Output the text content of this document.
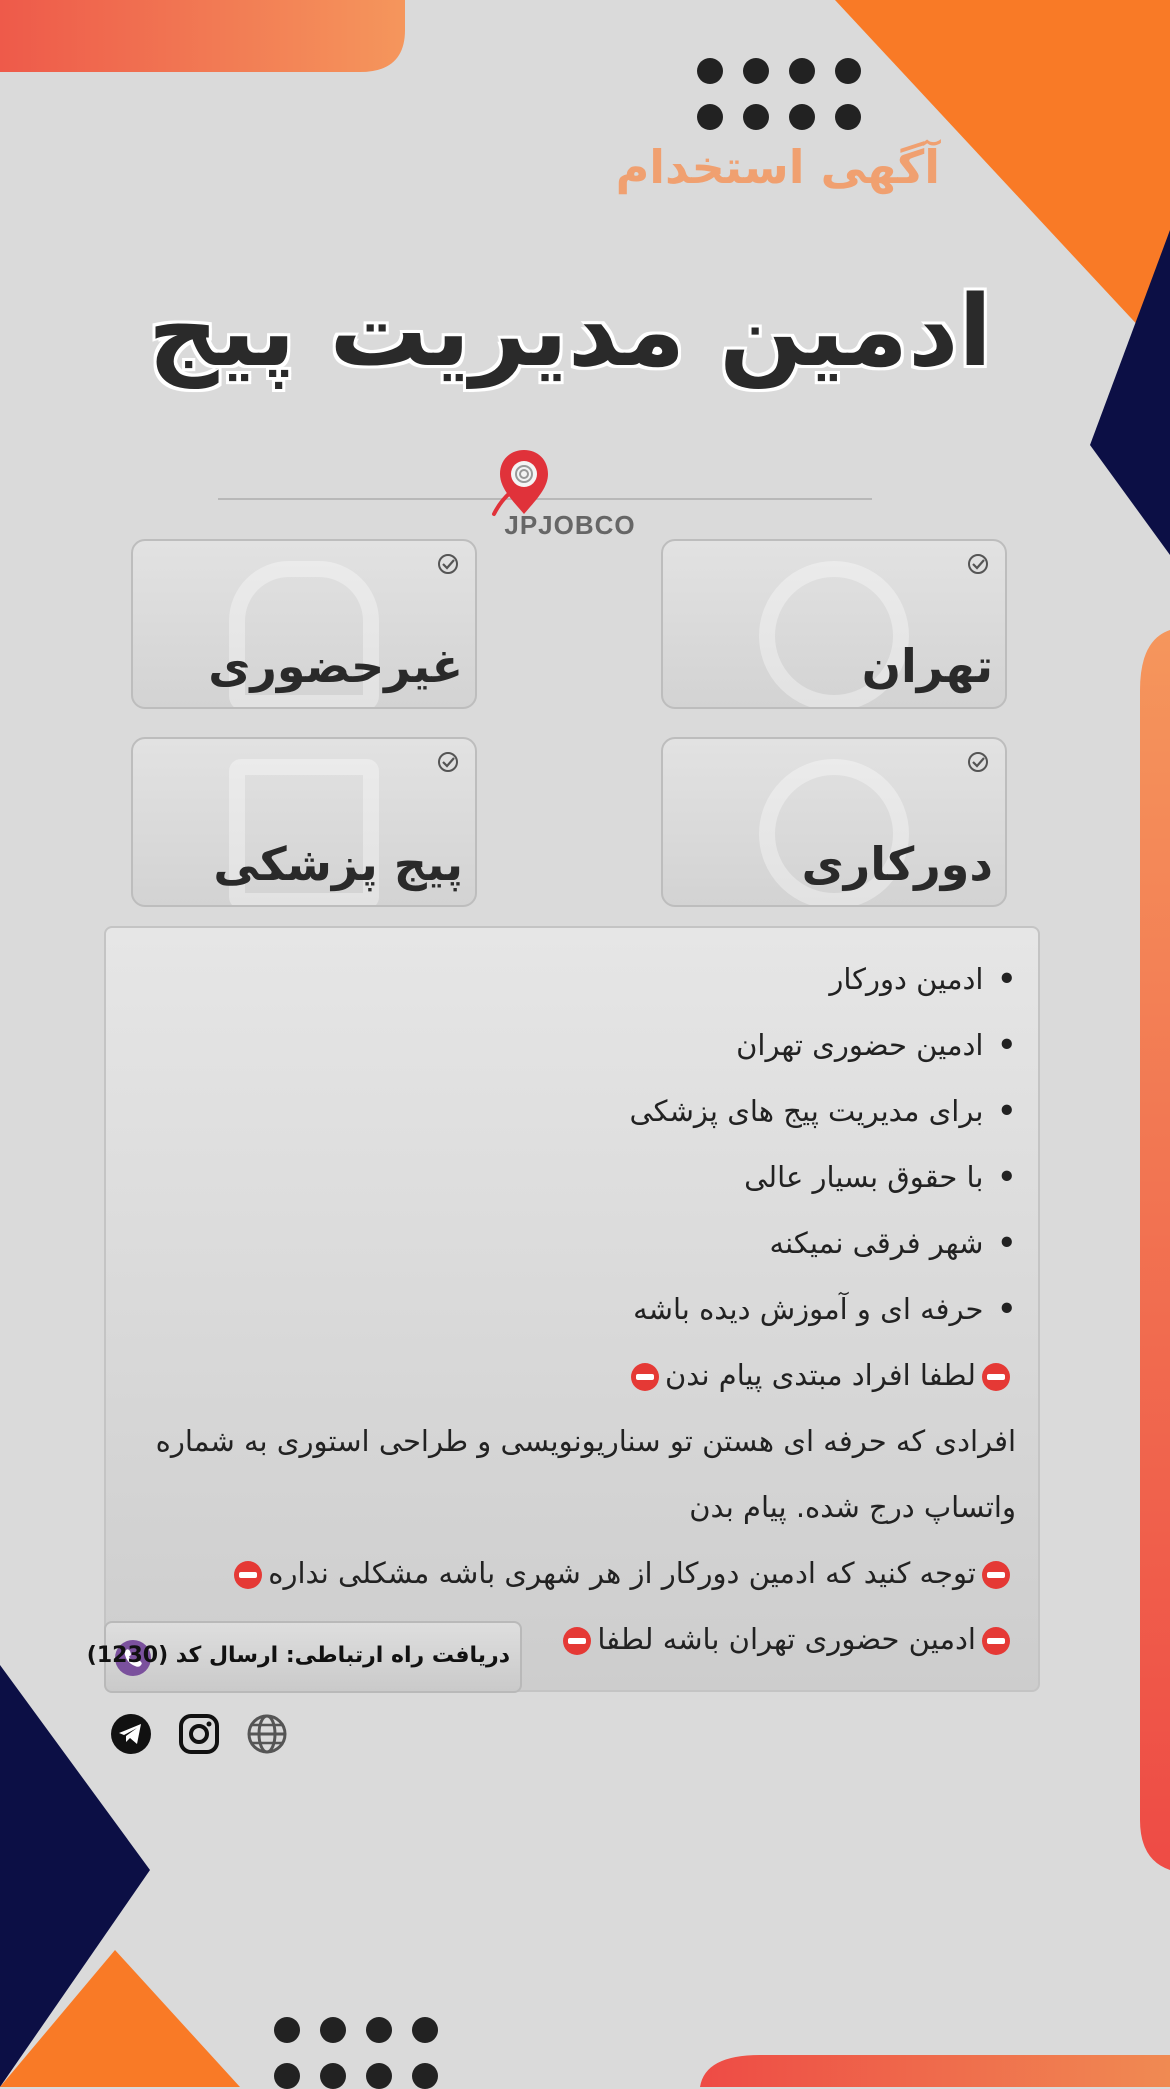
آگهی استخدام
ادمین مدیریت پیج
JPJOBCO
تهران
غیرحضوری
دورکاری
پیج پزشکی
• ادمین دورکار
• ادمین حضوری تهران
• برای مدیریت پیج های پزشکی
• با حقوق بسیار عالی
• شهر فرقی نمیکنه
• حرفه ای و آموزش دیده باشه
لطفا افراد مبتدی پیام ندن
افرادی که حرفه ای هستن تو سناریونویسی و طراحی استوری به شماره واتساپ درج شده. پیام بدن
توجه کنید که ادمین دورکار از هر شهری باشه مشکلی نداره
ادمین حضوری تهران باشه لطفا
دریافت راه ارتباطی: ارسال کد (1230)
